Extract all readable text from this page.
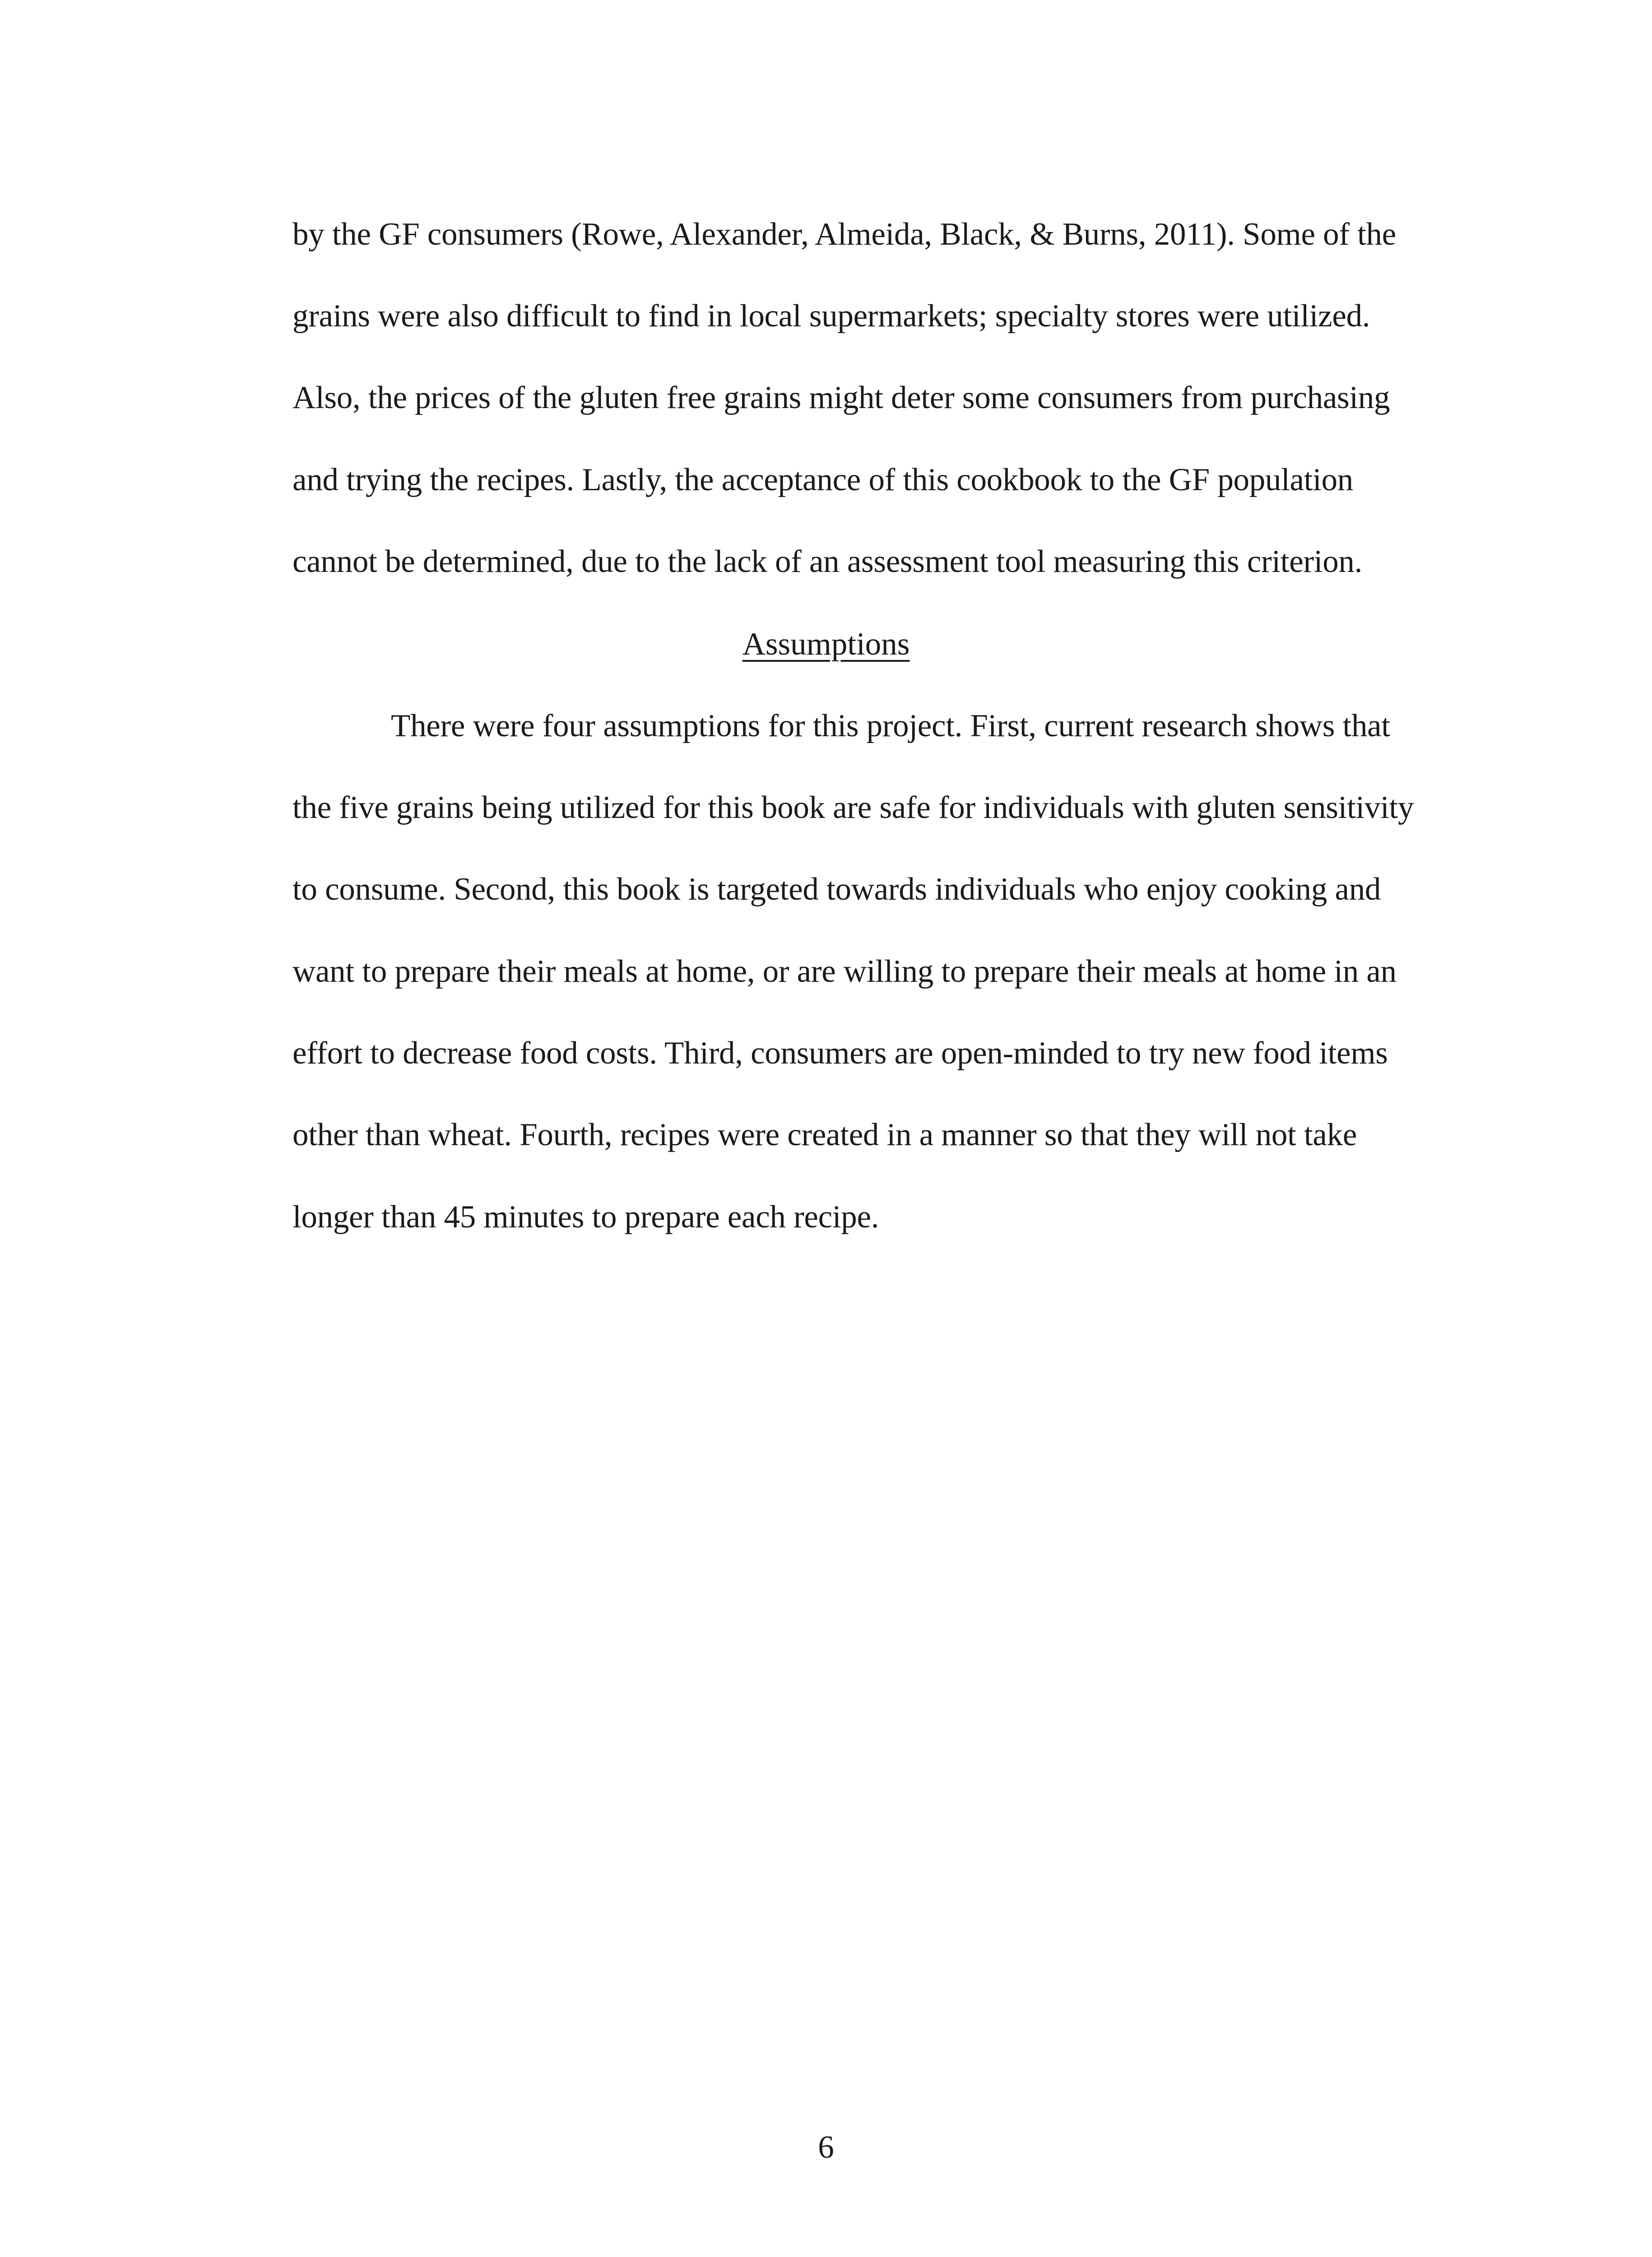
by the GF consumers (Rowe, Alexander, Almeida, Black, & Burns, 2011). Some of the
grains were also difficult to find in local supermarkets; specialty stores were utilized.
Also, the prices of the gluten free grains might deter some consumers from purchasing
and trying the recipes. Lastly, the acceptance of this cookbook to the GF population
cannot be determined, due to the lack of an assessment tool measuring this criterion.
Assumptions
There were four assumptions for this project. First, current research shows that
the five grains being utilized for this book are safe for individuals with gluten sensitivity
to consume. Second, this book is targeted towards individuals who enjoy cooking and
want to prepare their meals at home, or are willing to prepare their meals at home in an
effort to decrease food costs. Third, consumers are open-minded to try new food items
other than wheat. Fourth, recipes were created in a manner so that they will not take
longer than 45 minutes to prepare each recipe.
6
